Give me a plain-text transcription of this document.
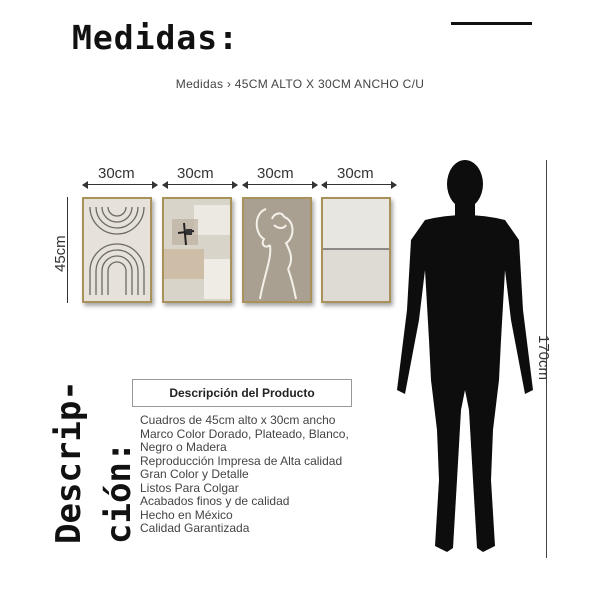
Medidas:
Medidas › 45CM ALTO X 30CM ANCHO C/U
30cm	30cm	30cm	30cm
45cm
170cm
Descrip- ción:
Descripción del Producto
Cuadros de 45cm alto x 30cm ancho
Marco Color Dorado, Plateado, Blanco,
Negro o Madera
Reproducción Impresa de Alta calidad
Gran Color y Detalle
Listos Para Colgar
Acabados finos y de calidad
Hecho en México
Calidad Garantizada
